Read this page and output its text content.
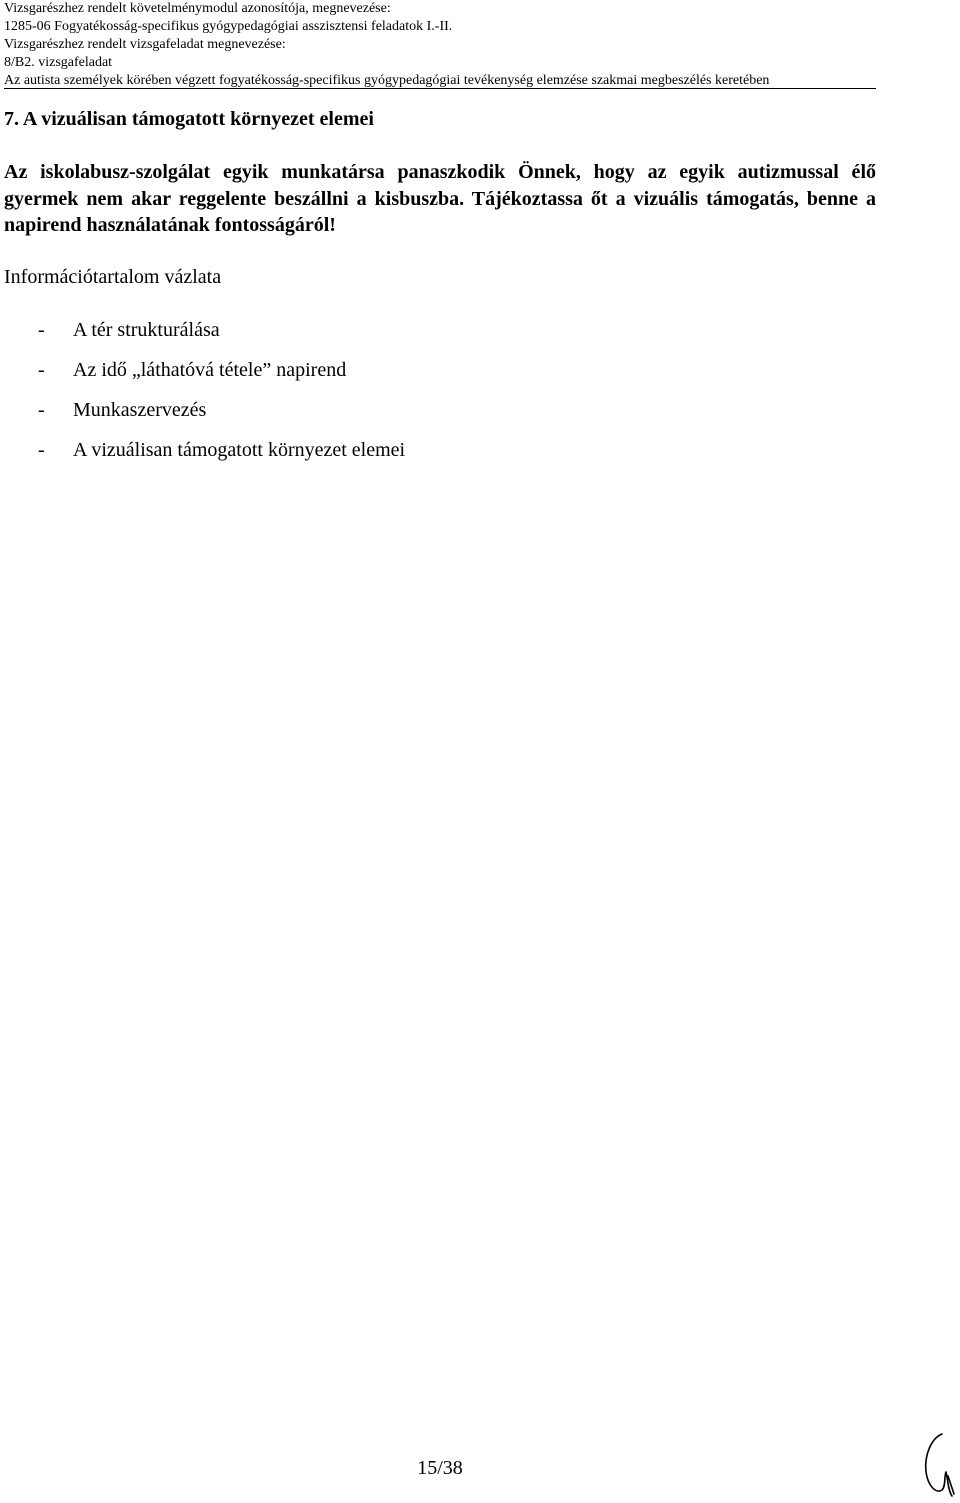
Vizsgarészhez rendelt követelménymodul azonosítója, megnevezése:
1285-06 Fogyatékosság-specifikus gyógypedagógiai asszisztensi feladatok I.-II.
Vizsgarészhez rendelt vizsgafeladat megnevezése:
8/B2. vizsgafeladat
Az autista személyek körében végzett fogyatékosság-specifikus gyógypedagógiai tevékenység elemzése szakmai megbeszélés keretében
7. A vizuálisan támogatott környezet elemei

Az iskolabusz-szolgálat egyik munkatársa panaszkodik Önnek, hogy az egyik autizmussal élő gyermek nem akar reggelente beszállni a kisbuszba. Tájékoztassa őt a vizuális támogatás, benne a napirend használatának fontosságáról!

Információtartalom vázlata
-	A tér strukturálása
-	Az idő „láthatóvá tétele” napirend
-	Munkaszervezés
-	A vizuálisan támogatott környezet elemei
15/38
